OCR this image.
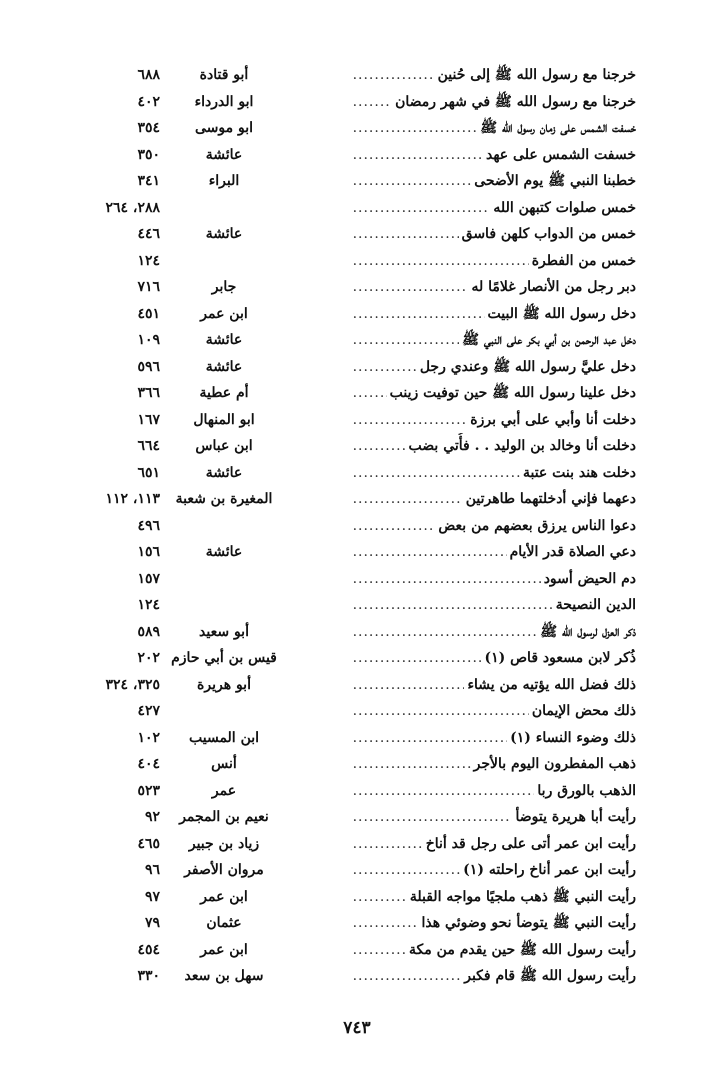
خرجنا مع رسول الله ﷺ إلى حُنين .....
أبو قتادة
٦٨٨
خرجنا مع رسول الله ﷺ في شهر رمضان .....
ابو الدرداء
٤٠٢
خسفت الشمس على زمان رسول الله ﷺ .....
ابو موسى
٣٥٤
خسفت الشمس على عهد .....
عائشة
٣٥٠
خطبنا النبي ﷺ يوم الأضحى .....
البراء
٣٤١
خمس صلوات كتبهن الله .....
٢٨٨، ٢٦٤
خمس من الدواب كلهن فاسق .....
عائشة
٤٤٦
خمس من الفطرة .....
١٢٤
دبر رجل من الأنصار غلامًا له .....
جابر
٧١٦
دخل رسول الله ﷺ البيت .....
ابن عمر
٤٥١
دخل عبد الرحمن بن أبي بكر على النبي ﷺ .....
عائشة
١٠٩
دخل عليَّ رسول الله ﷺ وعندي رجل .....
عائشة
٥٩٦
دخل علينا رسول الله ﷺ حين توفيت زينب .....
أم عطية
٣٦٦
دخلت أنا وأبي على أبي برزة .....
ابو المنهال
١٦٧
دخلت أنا وخالد بن الوليد . . فأُتي بضب .....
ابن عباس
٦٦٤
دخلت هند بنت عتبة .....
عائشة
٦٥١
دعهما فإني أدخلتهما طاهرتين .....
المغيرة بن شعبة
١١٣، ١١٢
دعوا الناس يرزق بعضهم من بعض .....
٤٩٦
دعي الصلاة قدر الأيام .....
عائشة
١٥٦
دم الحيض أسود .....
١٥٧
الدين النصيحة .....
١٢٤
ذكر العزل لرسول الله ﷺ .....
أبو سعيد
٥٨٩
ذُكر لابن مسعود قاص (١) .....
قيس بن أبي حازم
٢٠٢
ذلك فضل الله يؤتيه من يشاء .....
أبو هريرة
٣٢٥، ٣٢٤
ذلك محض الإيمان .....
٤٢٧
ذلك وضوء النساء (١) .....
ابن المسيب
١٠٢
ذهب المفطرون اليوم بالأجر .....
أنس
٤٠٤
الذهب بالورق ربا .....
عمر
٥٢٣
رأيت أبا هريرة يتوضأ .....
نعيم بن المجمر
٩٢
رأيت ابن عمر أتى على رجل قد أناخ .....
زياد بن جبير
٤٦٥
رأيت ابن عمر أناخ راحلته (١) .....
مروان الأصفر
٩٦
رأيت النبي ﷺ ذهب ملجيًا مواجه القبلة .....
ابن عمر
٩٧
رأيت النبي ﷺ يتوضأ نحو وضوئي هذا .....
عثمان
٧٩
رأيت رسول الله ﷺ حين يقدم من مكة .....
ابن عمر
٤٥٤
رأيت رسول الله ﷺ قام فكبر .....
سهل بن سعد
٣٣٠
٧٤٣
